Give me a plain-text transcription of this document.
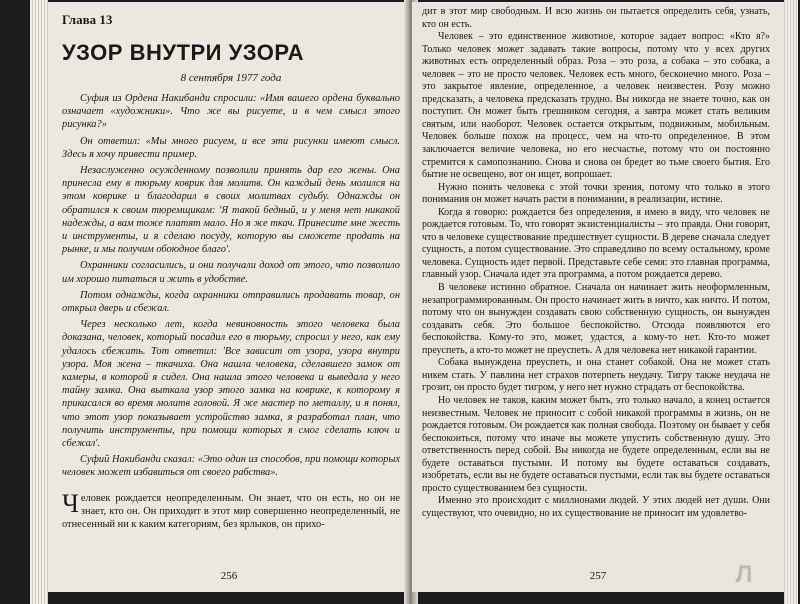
Глава 13
УЗОР ВНУТРИ УЗОРА
8 сентября 1977 года

Суфия из Ордена Накибанди спросили: «Имя вашего ордена буквально означает «художники». Что же вы рисуете, и в чем смысл этого рисунка?»

Он ответил: «Мы много рисуем, и все эти рисунки имеют смысл. Здесь я хочу привести пример.

Незаслуженно осужденному позволили принять дар его жены. Она принесла ему в тюрьму коврик для молитв. Он каждый день молился на этом коврике и благодарил в своих молитвах судьбу. Однажды он обратился к своим тюремщикам: 'Я такой бедный, и у меня нет никакой надежды, а вам тоже платят мало. Но я же ткач. Принесите мне жесть и инструменты, и я сделаю посуду, которую вы сможете продать на рынке, и мы получим обоюдное благо'.

Охранники согласились, и они получали доход от этого, что позволило им хорошо питаться и жить в удобстве.

Потом однажды, когда охранники отправились продавать товар, он открыл дверь и сбежал.

Через несколько лет, когда невиновность этого человека была доказана, человек, который посадил его в тюрьму, спросил у него, как ему удалось сбежать. Тот ответил: 'Все зависит от узора, узора внутри узора. Моя жена – ткачиха. Она нашла человека, сделавшего замок от камеры, в которой я сидел. Она нашла этого человека и выведала у него тайну замка. Она выткала узор этого замка на коврике, к которому я прикасался во время молитв головой. Я же мастер по металлу, и я понял, что этот узор показывает устройство замка, я разработал план, что получить инструменты, при помощи которых я смог сделать ключ и сбежал'.

Суфий Накибанди сказал: «Это один из способов, при помощи которых человек может избавиться от своего рабства».

Человек рождается неопределенным. Он знает, что он есть, но он не знает, кто он. Он приходит в этот мир совершенно неопределенный, не отнесенный ни к каким категориям, без ярлыков, он прихо-

256

дит в этот мир свободным. И всю жизнь он пытается определить себя, узнать, кто он есть.

Человек – это единственное животное, которое задает вопрос: «Кто я?» Только человек может задавать такие вопросы, потому что у всех других животных есть определенный образ. Роза – это роза, а собака – это собака, а человек – это не просто человек. Человек есть много, бесконечно много. Роза – это закрытое явление, определенное, а человек неизвестен. Розу можно предсказать, а человека предсказать трудно. Вы никогда не знаете точно, как он поступит. Он может быть грешником сегодня, а завтра может стать великим святым, или наоборот. Человек остается открытым, подвижным, мобильным. Человек больше похож на процесс, чем на что-то определенное. В этом заключается величие человека, но его несчастье, потому что он постоянно стремится к самопознанию. Снова и снова он бредет во тьме своего бытия. Его бытие не освещено, вот он ищет, вопрошает.

Нужно понять человека с этой точки зрения, потому что только в этого понимания он может начать расти в понимании, в реализации, истине.

Когда я говорю: рождается без определения, я имею в виду, что человек не рождается готовым. То, что говорят экзистенциалисты – это правда. Они говорят, что в человеке существование предшествует сущности. В дереве сначала следует сущность, а потом существование. Это справедливо по всему остальному, кроме человека. Сущность идет первой. Представьте себе семя: это главная программа, главный узор. Сначала идет эта программа, а потом рождается дерево.

В человеке истинно обратное. Сначала он начинает жить неоформленным, незапрограммированным. Он просто начинает жить в ничто, как ничто. И потом, потому что он вынужден создавать свою собственную сущность, он вынужден создавать себя. Это большое беспокойство. Отсюда появляются его беспокойства. Кому-то это, может, удастся, а кому-то нет. Кто-то может преуспеть, а кто-то может не преуспеть. А для человека нет никакой гарантии.

Собака вынуждена преуспеть, и она станет собакой. Она не может стать никем стать. У павлина нет страхов потерпеть неудачу. Тигру также неудача не грозит, он просто будет тигром, у него нет нужно страдать от беспокойства.

Но человек не таков, каким может быть, это только начало, а конец остается неизвестным. Человек не приносит с собой никакой программы в жизнь, он не рождается готовым. Он рождается как полная свобода. Поэтому он бывает у себя беспокоиться, потому что иначе вы можете упустить собственную душу. Это ответственность перед собой. Вы никогда не будете определенным, если вы не будете оставаться пустыми. И потому вы будете оставаться создавать, изобретать, если вы не будете оставаться пустыми, если так вы будете оставаться просто существованием без сущности.

Именно это происходит с миллионами людей. У этих людей нет души. Они существуют, что очевидно, но их существование не приносит им удовлетво-

257	Л
